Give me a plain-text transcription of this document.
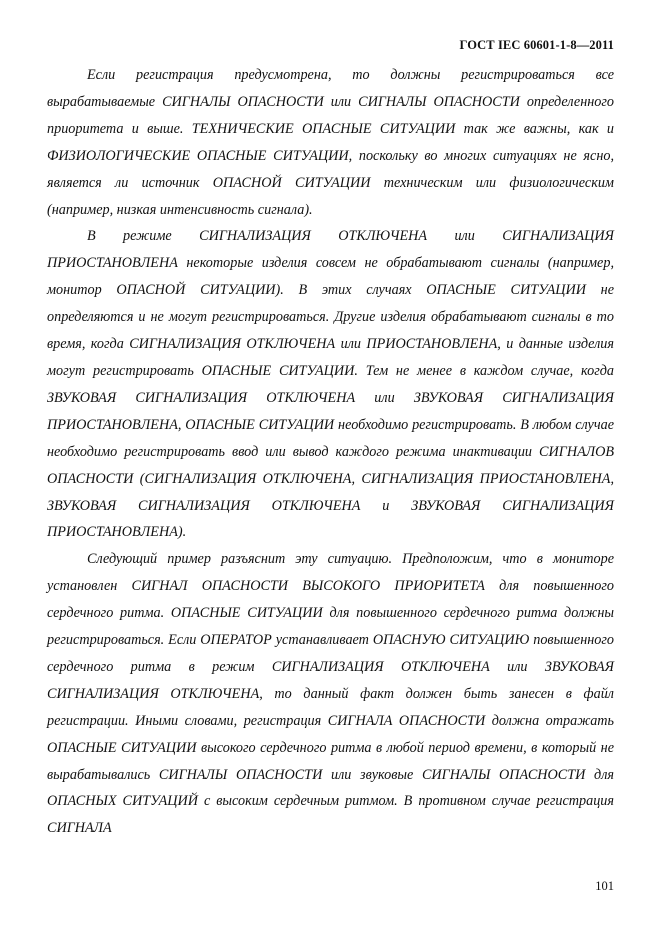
ГОСТ IEC 60601-1-8—2011

Если регистрация предусмотрена, то должны регистрироваться все вырабатываемые СИГНАЛЫ ОПАСНОСТИ или СИГНАЛЫ ОПАСНОСТИ определенного приоритета и выше. ТЕХНИЧЕСКИЕ ОПАСНЫЕ СИТУАЦИИ так же важны, как и ФИЗИОЛОГИЧЕСКИЕ ОПАСНЫЕ СИТУАЦИИ, поскольку во многих ситуациях не ясно, является ли источник ОПАСНОЙ СИТУАЦИИ техническим или физиологическим (например, низкая интенсивность сигнала).

В режиме СИГНАЛИЗАЦИЯ ОТКЛЮЧЕНА или СИГНАЛИЗАЦИЯ ПРИОСТАНОВЛЕНА некоторые изделия совсем не обрабатывают сигналы (например, монитор ОПАСНОЙ СИТУАЦИИ). В этих случаях ОПАСНЫЕ СИТУАЦИИ не определяются и не могут регистрироваться. Другие изделия обрабатывают сигналы в то время, когда СИГНАЛИЗАЦИЯ ОТКЛЮЧЕНА или ПРИОСТАНОВЛЕНА, и данные изделия могут регистрировать ОПАСНЫЕ СИТУАЦИИ. Тем не менее в каждом случае, когда ЗВУКОВАЯ СИГНАЛИЗАЦИЯ ОТКЛЮЧЕНА или ЗВУКОВАЯ СИГНАЛИЗАЦИЯ ПРИОСТАНОВЛЕНА, ОПАСНЫЕ СИТУАЦИИ необходимо регистрировать. В любом случае необходимо регистрировать ввод или вывод каждого режима инактивации СИГНАЛОВ ОПАСНОСТИ (СИГНАЛИЗАЦИЯ ОТКЛЮЧЕНА, СИГНАЛИЗАЦИЯ ПРИОСТАНОВЛЕНА, ЗВУКОВАЯ СИГНАЛИЗАЦИЯ ОТКЛЮЧЕНА и ЗВУКОВАЯ СИГНАЛИЗАЦИЯ ПРИОСТАНОВЛЕНА).

Следующий пример разъяснит эту ситуацию. Предположим, что в мониторе установлен СИГНАЛ ОПАСНОСТИ ВЫСОКОГО ПРИОРИТЕТА для повышенного сердечного ритма. ОПАСНЫЕ СИТУАЦИИ для повышенного сердечного ритма должны регистрироваться. Если ОПЕРАТОР устанавливает ОПАСНУЮ СИТУАЦИЮ повышенного сердечного ритма в режим СИГНАЛИЗАЦИЯ ОТКЛЮЧЕНА или ЗВУКОВАЯ СИГНАЛИЗАЦИЯ ОТКЛЮЧЕНА, то данный факт должен быть занесен в файл регистрации. Иными словами, регистрация СИГНАЛА ОПАСНОСТИ должна отражать ОПАСНЫЕ СИТУАЦИИ высокого сердечного ритма в любой период времени, в который не вырабатывались СИГНАЛЫ ОПАСНОСТИ или звуковые СИГНАЛЫ ОПАСНОСТИ для ОПАСНЫХ СИТУАЦИЙ с высоким сердечным ритмом. В противном случае регистрация СИГНАЛА

101
